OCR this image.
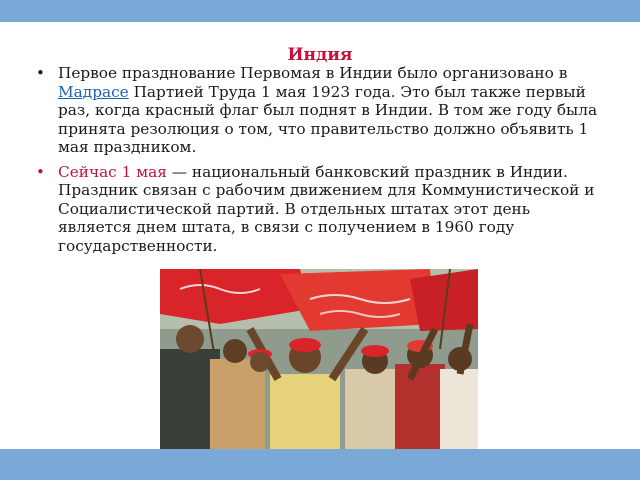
Индия
• Первое празднование Первомая в Индии было организовано в Мадрасе Партией Труда 1 мая 1923 года. Это был также первый раз, когда красный флаг был поднят в Индии. В том же году была принята резолюция о том, что правительство должно объявить 1 мая праздником.
• Сейчас 1 мая — национальный банковский праздник в Индии. Праздник связан с рабочим движением для Коммунистической и Социалистической партий. В отдельных штатах этот день является днем штата, в связи с получением в 1960 году государственности.
